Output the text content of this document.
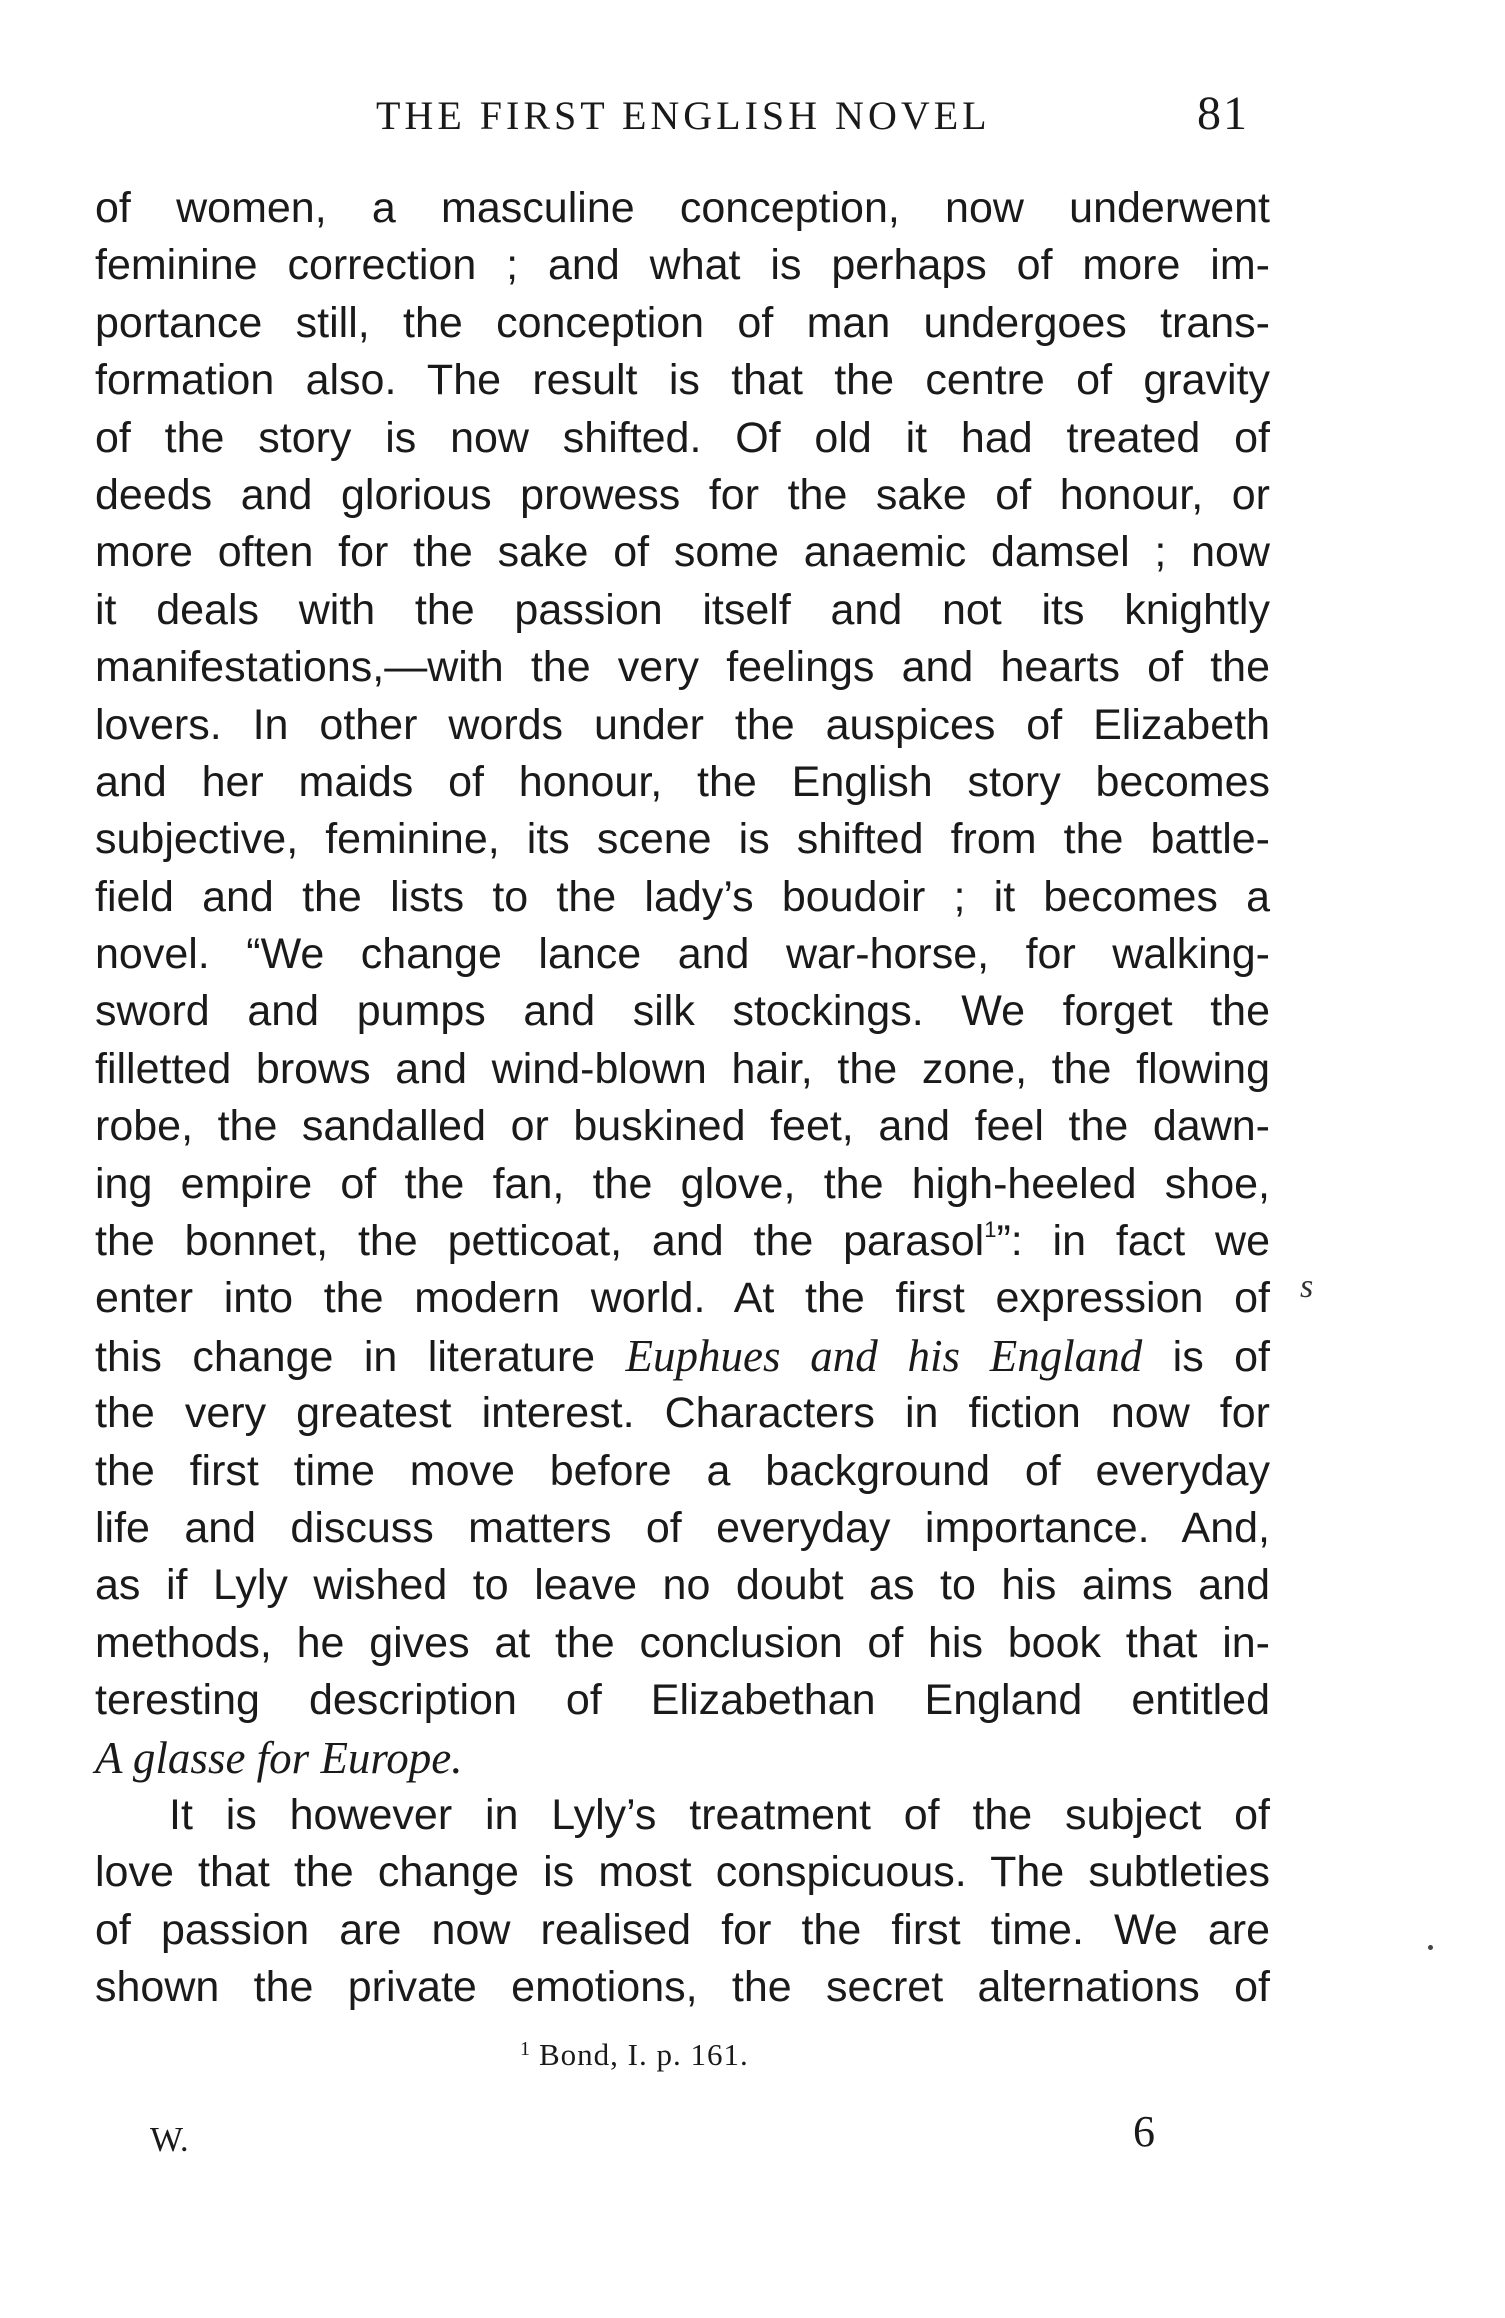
THE FIRST ENGLISH NOVEL	81
of women, a masculine conception, now underwent
feminine correction ; and what is perhaps of more im-
portance still, the conception of man undergoes trans-
formation also. The result is that the centre of gravity
of the story is now shifted. Of old it had treated of
deeds and glorious prowess for the sake of honour, or
more often for the sake of some anaemic damsel ; now
it deals with the passion itself and not its knightly
manifestations,—with the very feelings and hearts of the
lovers. In other words under the auspices of Elizabeth
and her maids of honour, the English story becomes
subjective, feminine, its scene is shifted from the battle-
field and the lists to the lady’s boudoir ; it becomes a
novel. “We change lance and war-horse, for walking-
sword and pumps and silk stockings. We forget the
filletted brows and wind-blown hair, the zone, the flowing
robe, the sandalled or buskined feet, and feel the dawn-
ing empire of the fan, the glove, the high-heeled shoe,
the bonnet, the petticoat, and the parasol$^1$”: in fact we
enter into the modern world. At the first expression of
this change in literature Euphues and his England is of
the very greatest interest. Characters in fiction now for
the first time move before a background of everyday
life and discuss matters of everyday importance. And,
as if Lyly wished to leave no doubt as to his aims and
methods, he gives at the conclusion of his book that in-
teresting description of Elizabethan England entitled
A glasse for Europe.
It is however in Lyly’s treatment of the subject of
love that the change is most conspicuous. The subtleties
of passion are now realised for the first time. We are
shown the private emotions, the secret alternations of
s
$^1$ Bond, I. p. 161.
W.	6
